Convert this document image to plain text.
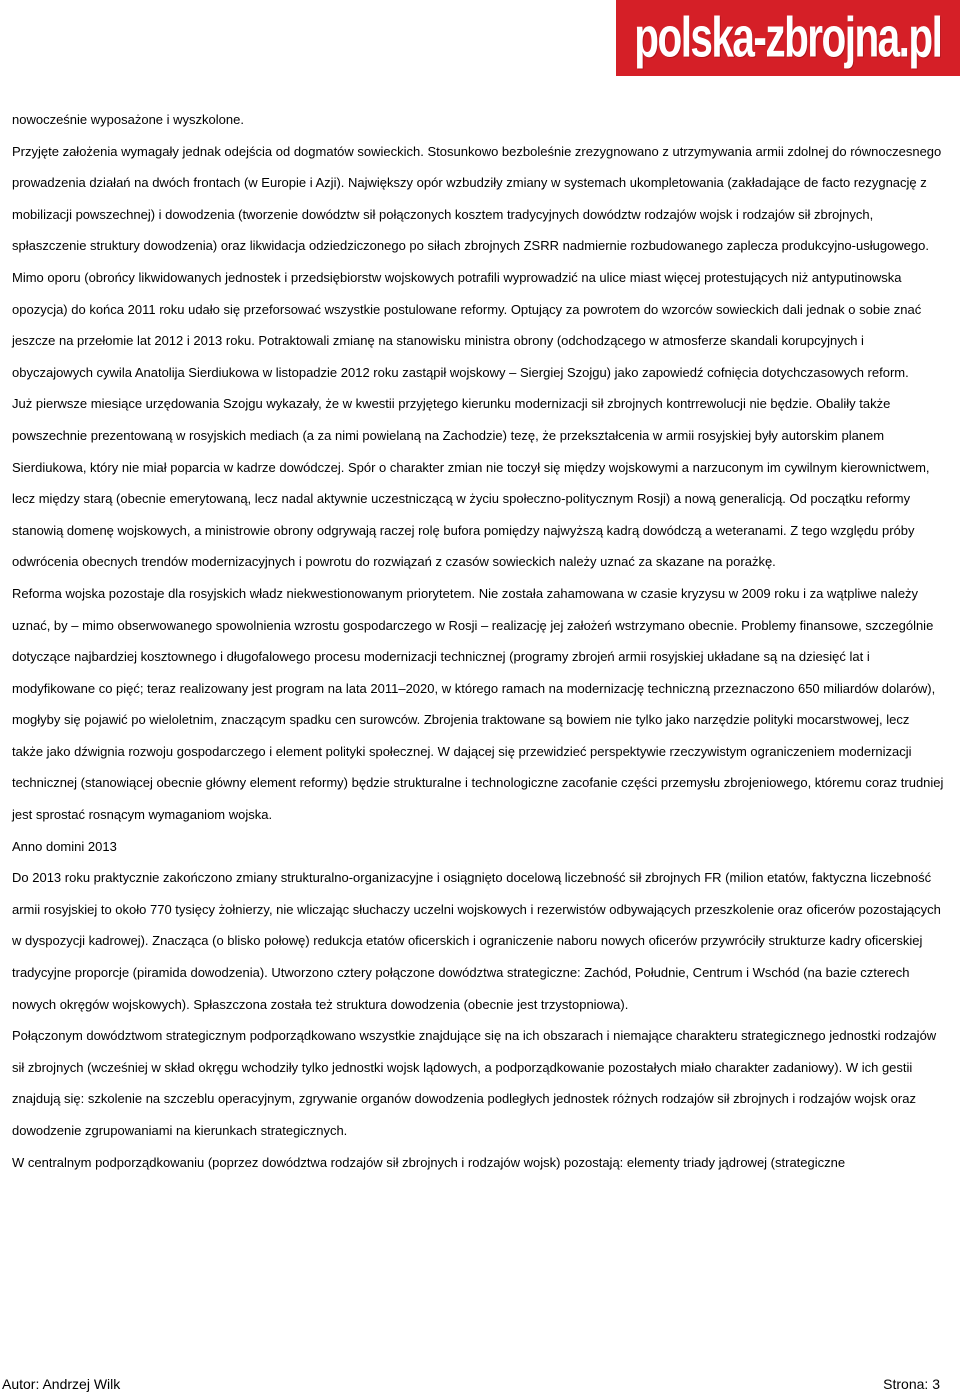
polska-zbrojna.pl

nowocześnie wyposażone i wyszkolone.

Przyjęte założenia wymagały jednak odejścia od dogmatów sowieckich. Stosunkowo bezboleśnie zrezygnowano z utrzymywania armii zdolnej do równoczesnego prowadzenia działań na dwóch frontach (w Europie i Azji). Największy opór wzbudziły zmiany w systemach ukompletowania (zakładające de facto rezygnację z mobilizacji powszechnej) i dowodzenia (tworzenie dowództw sił połączonych kosztem tradycyjnych dowództw rodzajów wojsk i rodzajów sił zbrojnych, spłaszczenie struktury dowodzenia) oraz likwidacja odziedziczonego po siłach zbrojnych ZSRR nadmiernie rozbudowanego zaplecza produkcyjno-usługowego.

Mimo oporu (obrońcy likwidowanych jednostek i przedsiębiorstw wojskowych potrafili wyprowadzić na ulice miast więcej protestujących niż antyputinowska opozycja) do końca 2011 roku udało się przeforsować wszystkie postulowane reformy. Optujący za powrotem do wzorców sowieckich dali jednak o sobie znać jeszcze na przełomie lat 2012 i 2013 roku. Potraktowali zmianę na stanowisku ministra obrony (odchodzącego w atmosferze skandali korupcyjnych i obyczajowych cywila Anatolija Sierdiukowa w listopadzie 2012 roku zastąpił wojskowy – Siergiej Szojgu) jako zapowiedź cofnięcia dotychczasowych reform.

Już pierwsze miesiące urzędowania Szojgu wykazały, że w kwestii przyjętego kierunku modernizacji sił zbrojnych kontrrewolucji nie będzie. Obaliły także powszechnie prezentowaną w rosyjskich mediach (a za nimi powielaną na Zachodzie) tezę, że przekształcenia w armii rosyjskiej były autorskim planem Sierdiukowa, który nie miał poparcia w kadrze dowódczej. Spór o charakter zmian nie toczył się między wojskowymi a narzuconym im cywilnym kierownictwem, lecz między starą (obecnie emerytowaną, lecz nadal aktywnie uczestniczącą w życiu społeczno-politycznym Rosji) a nową generalicją. Od początku reformy stanowią domenę wojskowych, a ministrowie obrony odgrywają raczej rolę bufora pomiędzy najwyższą kadrą dowódczą a weteranami. Z tego względu próby odwrócenia obecnych trendów modernizacyjnych i powrotu do rozwiązań z czasów sowieckich należy uznać za skazane na porażkę.

Reforma wojska pozostaje dla rosyjskich władz niekwestionowanym priorytetem. Nie została zahamowana w czasie kryzysu w 2009 roku i za wątpliwe należy uznać, by – mimo obserwowanego spowolnienia wzrostu gospodarczego w Rosji – realizację jej założeń wstrzymano obecnie. Problemy finansowe, szczególnie dotyczące najbardziej kosztownego i długofalowego procesu modernizacji technicznej (programy zbrojeń armii rosyjskiej układane są na dziesięć lat i modyfikowane co pięć; teraz realizowany jest program na lata 2011–2020, w którego ramach na modernizację techniczną przeznaczono 650 miliardów dolarów), mogłyby się pojawić po wieloletnim, znaczącym spadku cen surowców. Zbrojenia traktowane są bowiem nie tylko jako narzędzie polityki mocarstwowej, lecz także jako dźwignia rozwoju gospodarczego i element polityki społecznej. W dającej się przewidzieć perspektywie rzeczywistym ograniczeniem modernizacji technicznej (stanowiącej obecnie główny element reformy) będzie strukturalne i technologiczne zacofanie części przemysłu zbrojeniowego, któremu coraz trudniej jest sprostać rosnącym wymaganiom wojska.

Anno domini 2013

Do 2013 roku praktycznie zakończono zmiany strukturalno-organizacyjne i osiągnięto docelową liczebność sił zbrojnych FR (milion etatów, faktyczna liczebność armii rosyjskiej to około 770 tysięcy żołnierzy, nie wliczając słuchaczy uczelni wojskowych i rezerwistów odbywających przeszkolenie oraz oficerów pozostających w dyspozycji kadrowej). Znacząca (o blisko połowę) redukcja etatów oficerskich i ograniczenie naboru nowych oficerów przywróciły strukturze kadry oficerskiej tradycyjne proporcje (piramida dowodzenia). Utworzono cztery połączone dowództwa strategiczne: Zachód, Południe, Centrum i Wschód (na bazie czterech nowych okręgów wojskowych). Spłaszczona została też struktura dowodzenia (obecnie jest trzystopniowa).

Połączonym dowództwom strategicznym podporządkowano wszystkie znajdujące się na ich obszarach i niemające charakteru strategicznego jednostki rodzajów sił zbrojnych (wcześniej w skład okręgu wchodziły tylko jednostki wojsk lądowych, a podporządkowanie pozostałych miało charakter zadaniowy). W ich gestii znajdują się: szkolenie na szczeblu operacyjnym, zgrywanie organów dowodzenia podległych jednostek różnych rodzajów sił zbrojnych i rodzajów wojsk oraz dowodzenie zgrupowaniami na kierunkach strategicznych.

W centralnym podporządkowaniu (poprzez dowództwa rodzajów sił zbrojnych i rodzajów wojsk) pozostają: elementy triady jądrowej (strategiczne

Autor: Andrzej Wilk	Strona: 3
